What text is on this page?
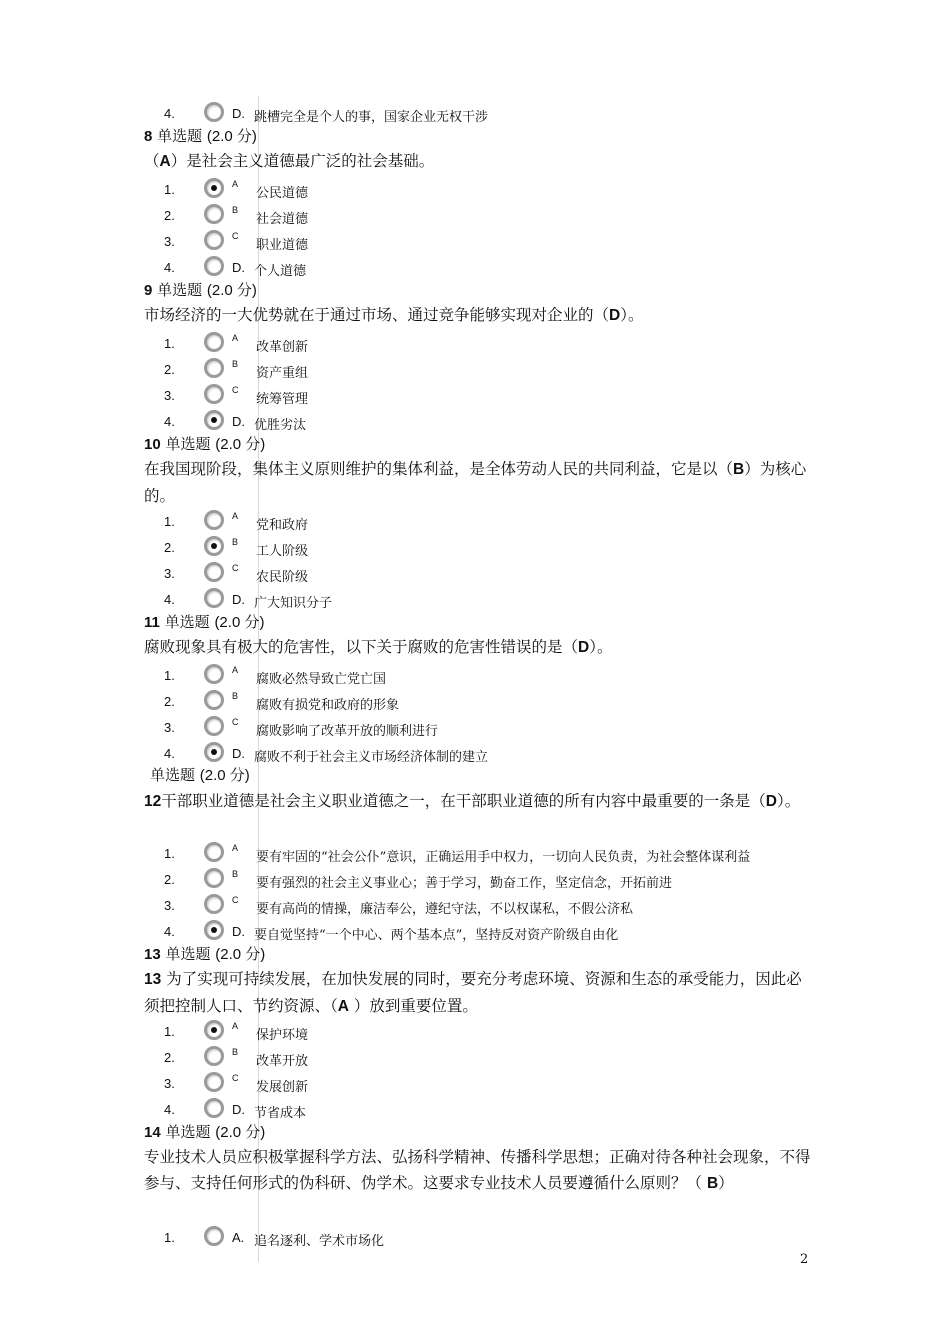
4.	D. 跳槽完全是个人的事，国家企业无权干涉
8 单选题 (2.0 分)
（A）是社会主义道德最广泛的社会基础。
1.	A
公民道德
2.	B
社会道德
3.	C
职业道德
4.	D. 个人道德
9 单选题 (2.0 分)
市场经济的一大优势就在于通过市场、通过竞争能够实现对企业的（D）。
1.	A
改革创新
2.	B
资产重组
3.	C
统筹管理
4.	D. 优胜劣汰
10 单选题 (2.0 分)
在我国现阶段，集体主义原则维护的集体利益，是全体劳动人民的共同利益，它是以（B）为核心的。
1.	A
党和政府
2.	B
工人阶级
3.	C
农民阶级
4.	D. 广大知识分子
11 单选题 (2.0 分)
腐败现象具有极大的危害性，以下关于腐败的危害性错误的是（D）。
1.	A
腐败必然导致亡党亡国
2.	B
腐败有损党和政府的形象
3.	C
腐败影响了改革开放的顺利进行
4.	D. 腐败不利于社会主义市场经济体制的建立
单选题 (2.0 分)
12干部职业道德是社会主义职业道德之一，在干部职业道德的所有内容中最重要的一条是（D）。
1.	A
要有牢固的“社会公仆”意识，正确运用手中权力，一切向人民负责，为社会整体谋利益
2.	B
要有强烈的社会主义事业心；善于学习，勤奋工作，坚定信念，开拓前进
3.	C
要有高尚的情操，廉洁奉公，遵纪守法，不以权谋私，不假公济私
4.	D. 要自觉坚持“一个中心、两个基本点”，坚持反对资产阶级自由化
13 单选题 (2.0 分)
13 为了实现可持续发展，在加快发展的同时，要充分考虑环境、资源和生态的承受能力，因此必须把控制人口、节约资源、（A ）放到重要位置。
1.	A
保护环境
2.	B
改革开放
3.	C
发展创新
4.	D. 节省成本
14 单选题 (2.0 分)
专业技术人员应积极掌握科学方法、弘扬科学精神、传播科学思想；正确对待各种社会现象，不得参与、支持任何形式的伪科研、伪学术。这要求专业技术人员要遵循什么原则？（ B）
1.	A. 追名逐利、学术市场化
2
